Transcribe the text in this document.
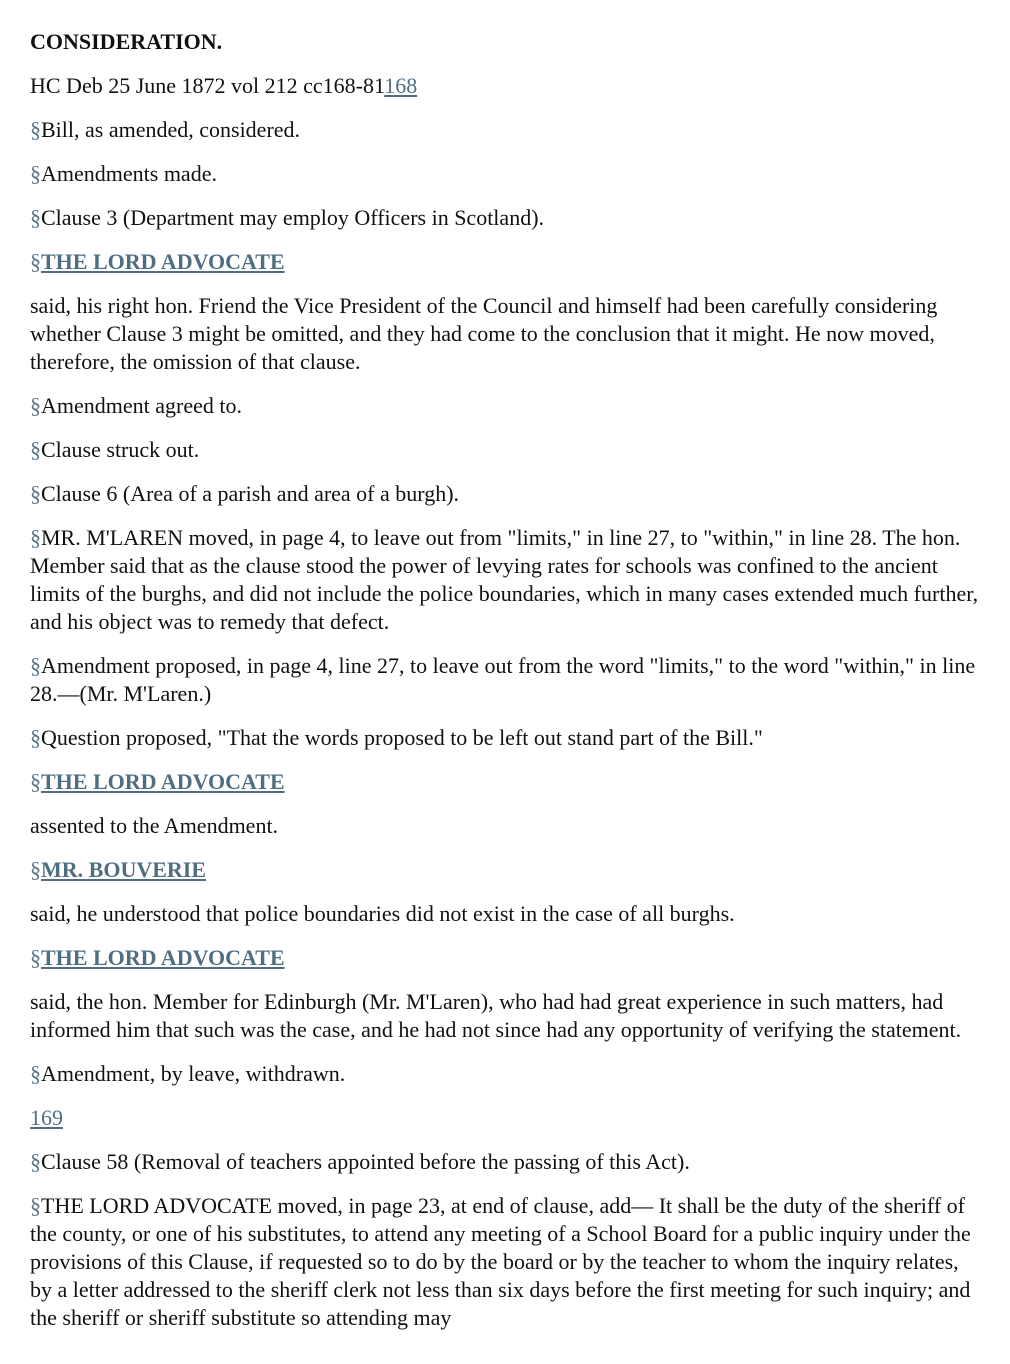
CONSIDERATION.

HC Deb 25 June 1872 vol 212 cc168-81168

§Bill, as amended, considered.

§Amendments made.

§Clause 3 (Department may employ Officers in Scotland).

§THE LORD ADVOCATE

said, his right hon. Friend the Vice President of the Council and himself had been carefully considering whether Clause 3 might be omitted, and they had come to the conclusion that it might. He now moved, therefore, the omission of that clause.

§Amendment agreed to.

§Clause struck out.

§Clause 6 (Area of a parish and area of a burgh).

§MR. M'LAREN moved, in page 4, to leave out from "limits," in line 27, to "within," in line 28. The hon. Member said that as the clause stood the power of levying rates for schools was confined to the ancient limits of the burghs, and did not include the police boundaries, which in many cases extended much further, and his object was to remedy that defect.

§Amendment proposed, in page 4, line 27, to leave out from the word "limits," to the word "within," in line 28.—(Mr. M'Laren.)

§Question proposed, "That the words proposed to be left out stand part of the Bill."

§THE LORD ADVOCATE

assented to the Amendment.

§MR. BOUVERIE

said, he understood that police boundaries did not exist in the case of all burghs.

§THE LORD ADVOCATE

said, the hon. Member for Edinburgh (Mr. M'Laren), who had had great experience in such matters, had informed him that such was the case, and he had not since had any opportunity of verifying the statement.

§Amendment, by leave, withdrawn.

169

§Clause 58 (Removal of teachers appointed before the passing of this Act).

§THE LORD ADVOCATE moved, in page 23, at end of clause, add— It shall be the duty of the sheriff of the county, or one of his substitutes, to attend any meeting of a School Board for a public inquiry under the provisions of this Clause, if requested so to do by the board or by the teacher to whom the inquiry relates, by a letter addressed to the sheriff clerk not less than six days before the first meeting for such inquiry; and the sheriff or sheriff substitute so attending may
